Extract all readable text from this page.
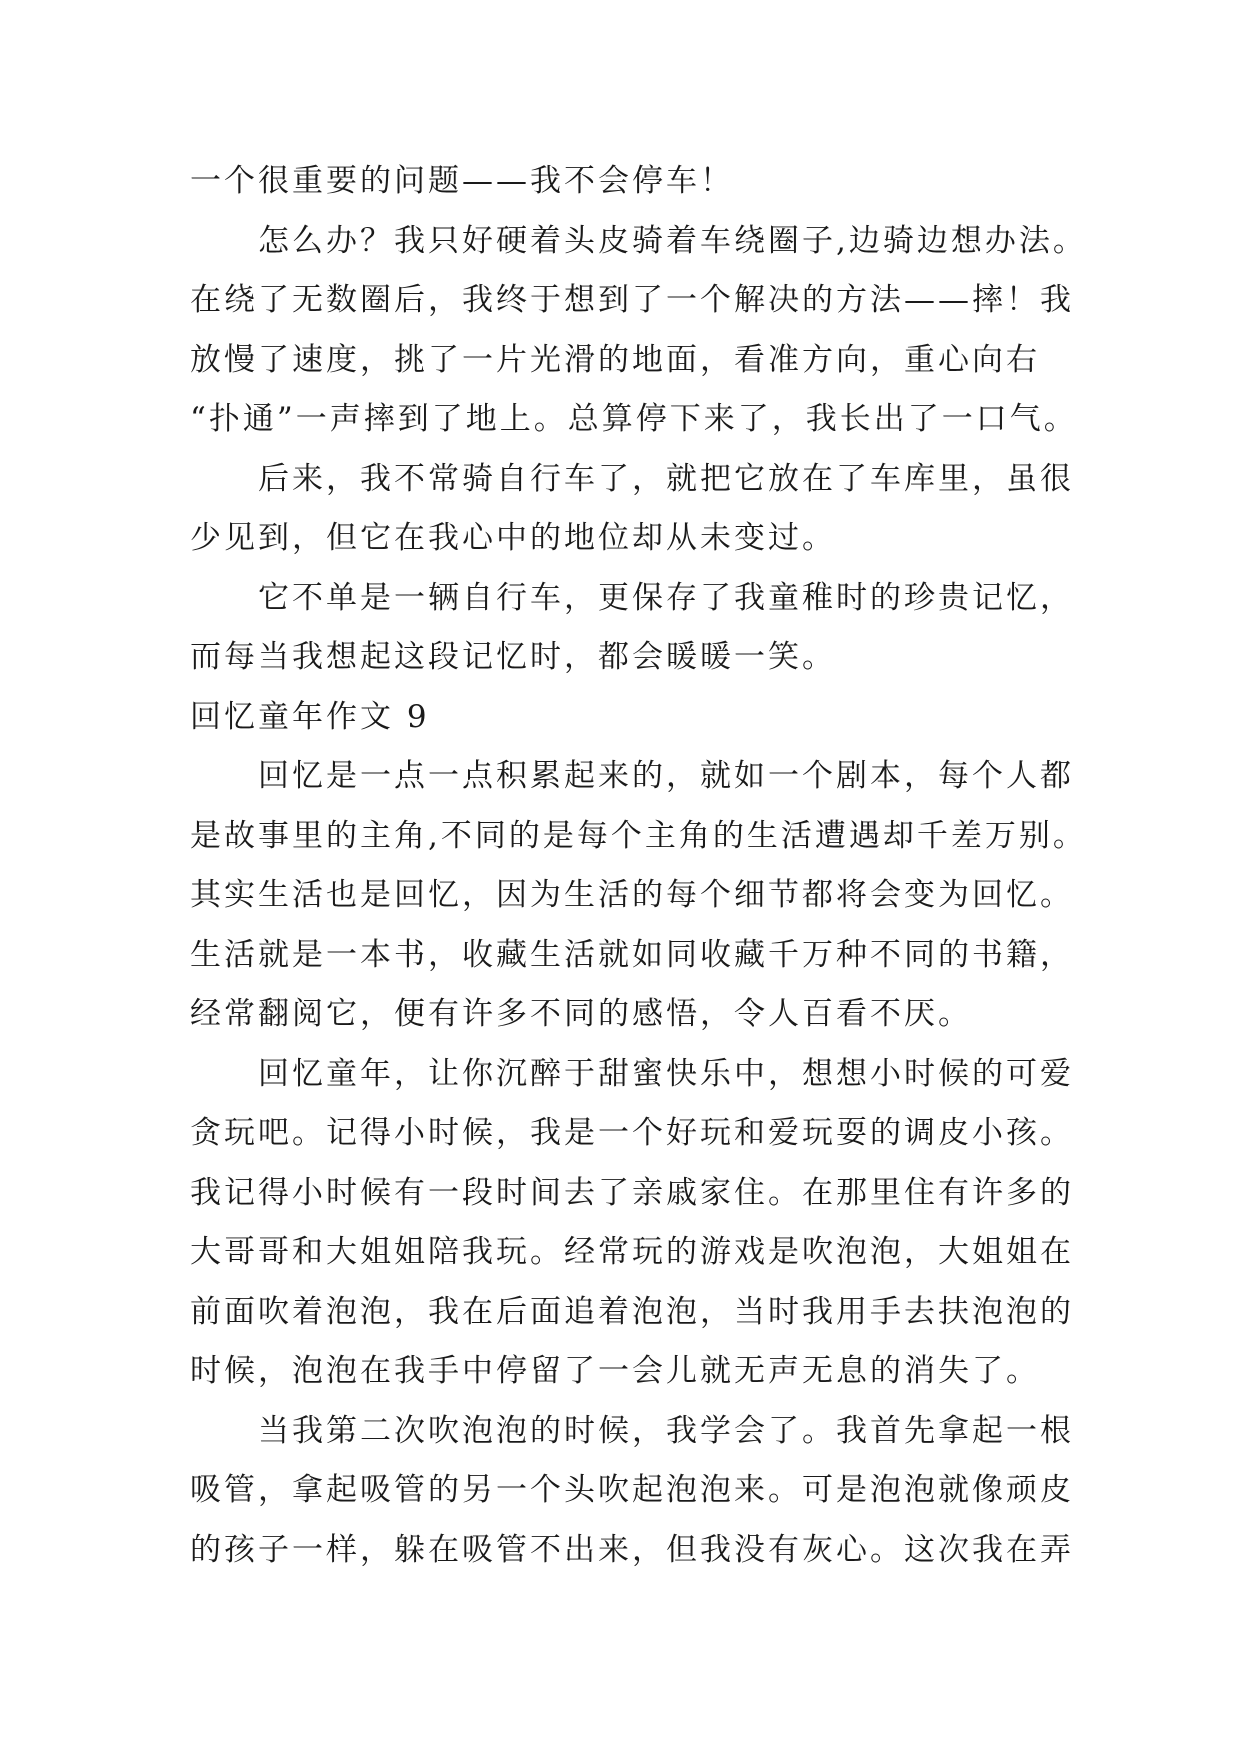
一个很重要的问题——我不会停车！
怎么办？我只好硬着头皮骑着车绕圈子,边骑边想办法。
在绕了无数圈后，我终于想到了一个解决的方法——摔！我
放慢了速度，挑了一片光滑的地面，看准方向，重心向右
“扑通”一声摔到了地上。总算停下来了，我长出了一口气。
后来，我不常骑自行车了，就把它放在了车库里，虽很
少见到，但它在我心中的地位却从未变过。
它不单是一辆自行车，更保存了我童稚时的珍贵记忆，
而每当我想起这段记忆时，都会暖暖一笑。
回忆童年作文 9
回忆是一点一点积累起来的，就如一个剧本，每个人都
是故事里的主角,不同的是每个主角的生活遭遇却千差万别。
其实生活也是回忆，因为生活的每个细节都将会变为回忆。
生活就是一本书，收藏生活就如同收藏千万种不同的书籍，
经常翻阅它，便有许多不同的感悟，令人百看不厌。
回忆童年，让你沉醉于甜蜜快乐中，想想小时候的可爱
贪玩吧。记得小时候，我是一个好玩和爱玩耍的调皮小孩。
我记得小时候有一段时间去了亲戚家住。在那里住有许多的
大哥哥和大姐姐陪我玩。经常玩的游戏是吹泡泡，大姐姐在
前面吹着泡泡，我在后面追着泡泡，当时我用手去扶泡泡的
时候，泡泡在我手中停留了一会儿就无声无息的消失了。
当我第二次吹泡泡的时候，我学会了。我首先拿起一根
吸管，拿起吸管的另一个头吹起泡泡来。可是泡泡就像顽皮
的孩子一样，躲在吸管不出来，但我没有灰心。这次我在弄
